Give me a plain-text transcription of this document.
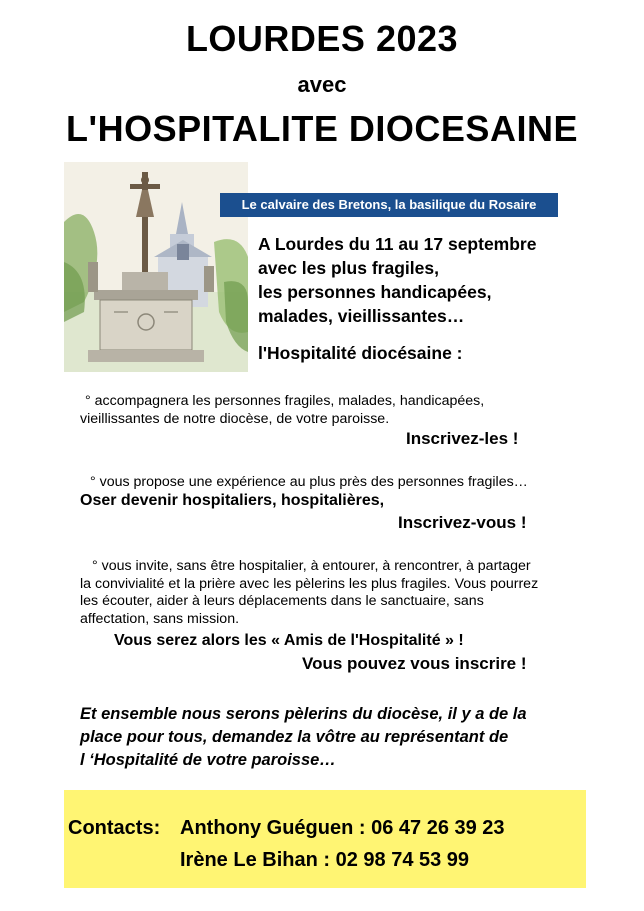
LOURDES 2023
avec
L'HOSPITALITE DIOCESAINE
Le calvaire des Bretons, la basilique du Rosaire
A Lourdes du 11 au 17 septembre
avec les plus fragiles,
les personnes handicapées,
malades, vieillissantes…
l'Hospitalité diocésaine :
° accompagnera les personnes fragiles, malades, handicapées,
vieillissantes de notre diocèse, de votre paroisse.
Inscrivez-les !
° vous propose une expérience au plus près des personnes fragiles…
Oser devenir hospitaliers, hospitalières,
Inscrivez-vous !
° vous invite, sans être hospitalier, à entourer, à rencontrer, à partager
la convivialité et la prière avec les pèlerins les plus fragiles. Vous pourrez
les écouter, aider à leurs déplacements dans le sanctuaire, sans
affectation, sans mission.
Vous serez alors les « Amis de l'Hospitalité » !
Vous pouvez vous inscrire !
Et ensemble nous serons pèlerins du diocèse, il y a de la
place pour tous, demandez la vôtre au représentant de
l ‘Hospitalité de votre paroisse…
Contacts: Anthony Guéguen : 06 47 26 39 23
Irène Le Bihan : 02 98 74 53 99
